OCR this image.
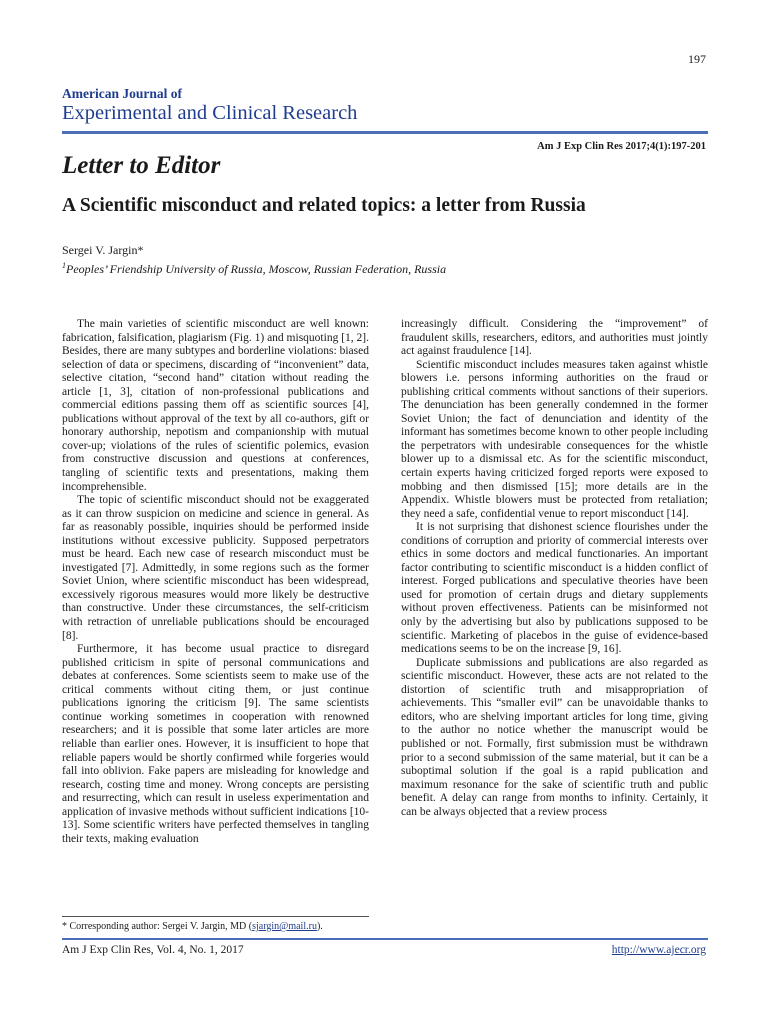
197
American Journal of
Experimental and Clinical Research
Am J Exp Clin Res 2017;4(1):197-201
Letter to Editor
A Scientific misconduct and related topics: a letter from Russia
Sergei V. Jargin*
$^1$Peoples’ Friendship University of Russia, Moscow, Russian Federation, Russia

The main varieties of scientific misconduct are well known: fabrication, falsification, plagiarism (Fig. 1) and misquoting [1, 2]. Besides, there are many subtypes and borderline violations: biased selection of data or specimens, discarding of “inconvenient” data, selective citation, “second hand” citation without reading the article [1, 3], citation of non-professional publications and commercial editions passing them off as scientific sources [4], publications without approval of the text by all co-authors, gift or honorary authorship, nepotism and companionship with mutual cover-up; violations of the rules of scientific polemics, evasion from constructive discussion and questions at conferences, tangling of scientific texts and presentations, making them incomprehensible.

The topic of scientific misconduct should not be exaggerated as it can throw suspicion on medicine and science in general. As far as reasonably possible, inquiries should be performed inside institutions without excessive publicity. Supposed perpetrators must be heard. Each new case of research misconduct must be investigated [7]. Admittedly, in some regions such as the former Soviet Union, where scientific misconduct has been widespread, excessively rigorous measures would more likely be destructive than constructive. Under these circumstances, the self-criticism with retraction of unreliable publications should be encouraged [8].

Furthermore, it has become usual practice to disregard published criticism in spite of personal communications and debates at conferences. Some scientists seem to make use of the critical comments without citing them, or just continue publications ignoring the criticism [9]. The same scientists continue working sometimes in cooperation with renowned researchers; and it is possible that some later articles are more reliable than earlier ones. However, it is insufficient to hope that reliable papers would be shortly confirmed while forgeries would fall into oblivion. Fake papers are misleading for knowledge and research, costing time and money. Wrong concepts are persisting and resurrecting, which can result in useless experimentation and application of invasive methods without sufficient indications [10-13]. Some scientific writers have perfected themselves in tangling their texts, making evaluation

increasingly difficult. Considering the “improvement” of fraudulent skills, researchers, editors, and authorities must jointly act against fraudulence [14].

Scientific misconduct includes measures taken against whistle blowers i.e. persons informing authorities on the fraud or publishing critical comments without sanctions of their superiors. The denunciation has been generally condemned in the former Soviet Union; the fact of denunciation and identity of the informant has sometimes become known to other people including the perpetrators with undesirable consequences for the whistle blower up to a dismissal etc. As for the scientific misconduct, certain experts having criticized forged reports were exposed to mobbing and then dismissed [15]; more details are in the Appendix. Whistle blowers must be protected from retaliation; they need a safe, confidential venue to report misconduct [14].

It is not surprising that dishonest science flourishes under the conditions of corruption and priority of commercial interests over ethics in some doctors and medical functionaries. An important factor contributing to scientific misconduct is a hidden conflict of interest. Forged publications and speculative theories have been used for promotion of certain drugs and dietary supplements without proven effectiveness. Patients can be misinformed not only by the advertising but also by publications supposed to be scientific. Marketing of placebos in the guise of evidence-based medications seems to be on the increase [9, 16].

Duplicate submissions and publications are also regarded as scientific misconduct. However, these acts are not related to the distortion of scientific truth and misappropriation of achievements. This “smaller evil” can be unavoidable thanks to editors, who are shelving important articles for long time, giving to the author no notice whether the manuscript would be published or not. Formally, first submission must be withdrawn prior to a second submission of the same material, but it can be a suboptimal solution if the goal is a rapid publication and maximum resonance for the sake of scientific truth and public benefit. A delay can range from months to infinity. Certainly, it can be always objected that a review process

* Corresponding author: Sergei V. Jargin, MD (sjargin@mail.ru).
Am J Exp Clin Res, Vol. 4, No. 1, 2017	http://www.ajecr.org
